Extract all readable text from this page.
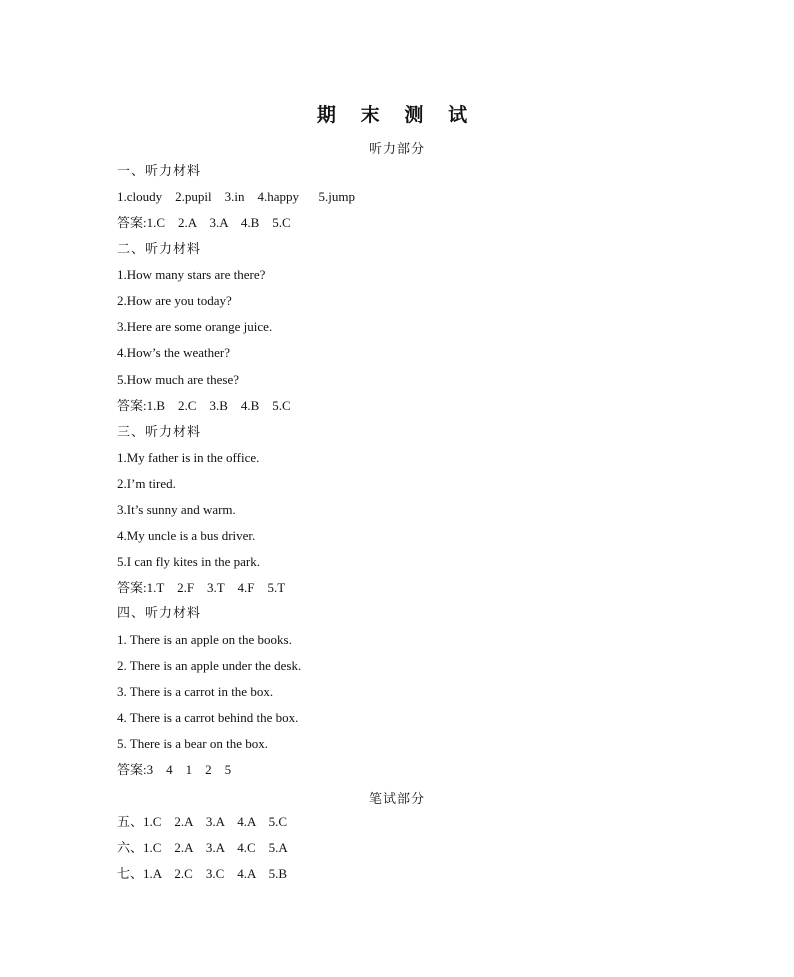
期 末 测 试
听力部分
一、听力材料
1.cloudy    2.pupil    3.in    4.happy      5.jump
答案:1.C    2.A    3.A    4.B    5.C
二、听力材料
1.How many stars are there?
2.How are you today?
3.Here are some orange juice.
4.How’s the weather?
5.How much are these?
答案:1.B    2.C    3.B    4.B    5.C
三、听力材料
1.My father is in the office.
2.I’m tired.
3.It’s sunny and warm.
4.My uncle is a bus driver.
5.I can fly kites in the park.
答案:1.T    2.F    3.T    4.F    5.T
四、听力材料
1. There is an apple on the books.
2. There is an apple under the desk.
3. There is a carrot in the box.
4. There is a carrot behind the box.
5. There is a bear on the box.
答案:3    4    1    2    5
笔试部分
五、1.C    2.A    3.A    4.A    5.C
六、1.C    2.A    3.A    4.C    5.A
七、1.A    2.C    3.C    4.A    5.B
